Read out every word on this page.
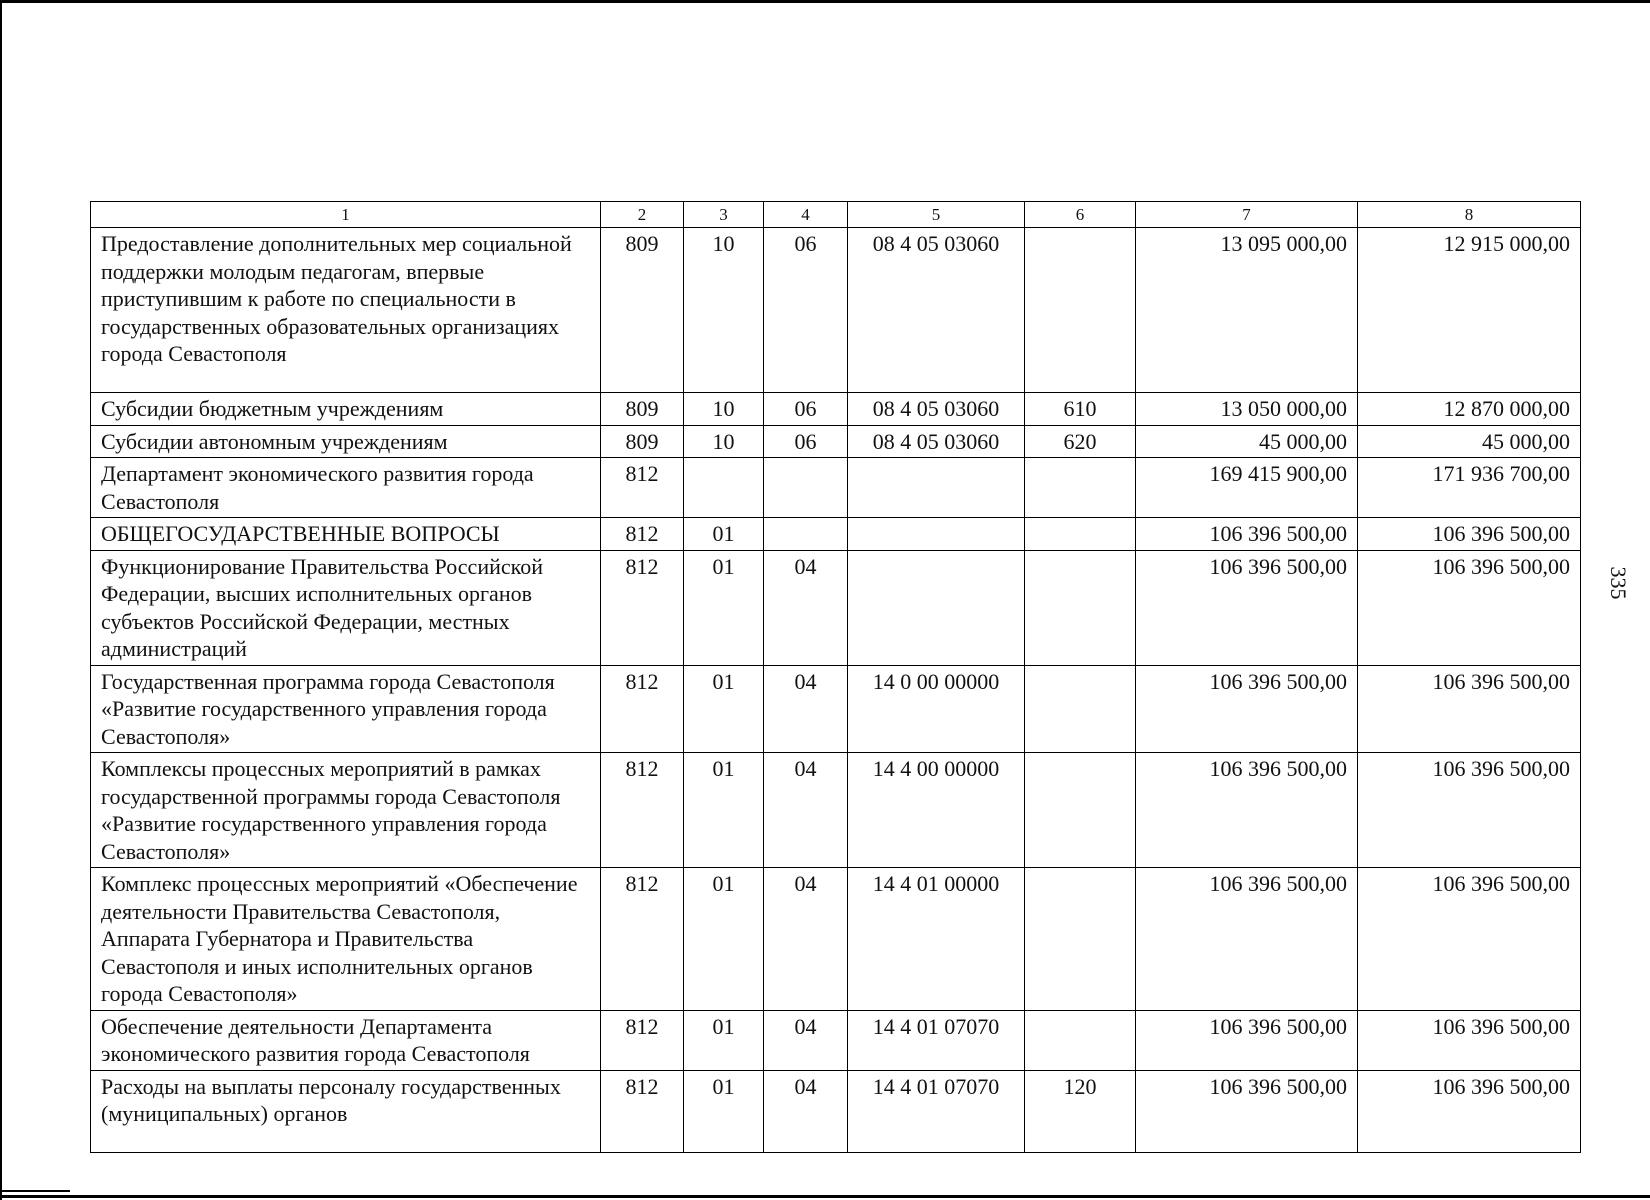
335
1	2	3	4	5	6	7	8
Предоставление дополнительных мер социальной поддержки молодым педагогам, впервые приступившим к работе по специальности в государственных образовательных организациях города Севастополя	809	10	06	08 4 05 03060		13 095 000,00	12 915 000,00
Субсидии бюджетным учреждениям	809	10	06	08 4 05 03060	610	13 050 000,00	12 870 000,00
Субсидии автономным учреждениям	809	10	06	08 4 05 03060	620	45 000,00	45 000,00
Департамент экономического развития города Севастополя	812					169 415 900,00	171 936 700,00
ОБЩЕГОСУДАРСТВЕННЫЕ ВОПРОСЫ	812	01				106 396 500,00	106 396 500,00
Функционирование Правительства Российской Федерации, высших исполнительных органов субъектов Российской Федерации, местных администраций	812	01	04			106 396 500,00	106 396 500,00
Государственная программа города Севастополя «Развитие государственного управления города Севастополя»	812	01	04	14 0 00 00000		106 396 500,00	106 396 500,00
Комплексы процессных мероприятий в рамках государственной программы города Севастополя «Развитие государственного управления города Севастополя»	812	01	04	14 4 00 00000		106 396 500,00	106 396 500,00
Комплекс процессных мероприятий «Обеспечение деятельности Правительства Севастополя, Аппарата Губернатора и Правительства Севастополя и иных исполнительных органов города Севастополя»	812	01	04	14 4 01 00000		106 396 500,00	106 396 500,00
Обеспечение деятельности Департамента экономического развития города Севастополя	812	01	04	14 4 01 07070		106 396 500,00	106 396 500,00
Расходы на выплаты персоналу государственных (муниципальных) органов	812	01	04	14 4 01 07070	120	106 396 500,00	106 396 500,00
